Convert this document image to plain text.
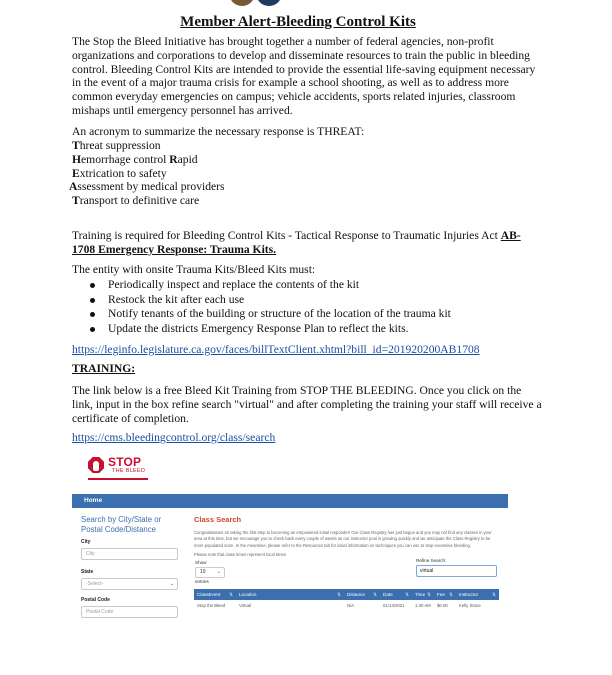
Member Alert-Bleeding Control Kits

The Stop the Bleed Initiative has brought together a number of federal agencies, non-profit organizations and corporations to develop and disseminate resources to train the public in bleeding control. Bleeding Control Kits are intended to provide the essential life-saving equipment necessary in the event of a major trauma crisis for example a school shooting, as well as to address more common everyday emergencies on campus; vehicle accidents, sports related injuries, classroom mishaps until emergency personnel has arrived.

An acronym to summarize the necessary response is THREAT:

Threat suppression
Hemorrhage control Rapid
Extrication to safety
Assessment by medical providers
Transport to definitive care

Training is required for Bleeding Control Kits - Tactical Response to Traumatic Injuries Act AB-1708 Emergency Response: Trauma Kits.

The entity with onsite Trauma Kits/Bleed Kits must:

Periodically inspect and replace the contents of the kit
Restock the kit after each use
Notify tenants of the building or structure of the location of the trauma kit
Update the districts Emergency Response Plan to reflect the kits.
https://leginfo.legislature.ca.gov/faces/billTextClient.xhtml?bill_id=201920200AB1708

TRAINING:

The link below is a free Bleed Kit Training from STOP THE BLEEDING. Once you click on the link, input in the box refine search "virtual" and after completing the training your staff will receive a certificate of completion.

https://cms.bleedingcontrol.org/class/search
STOP
THE BLEED
Home
Search by City/State or Postal Code/Distance
City
City
State
-Select-	⌄
Postal Code
Postal Code
Class Search
Congratulations on taking the first step to becoming an empowered initial responder! Our Class Registry has just begun and you may not find any classes in your area at this time, but we encourage you to check back every couple of weeks as our instructor pool is growing quickly and we anticipate the Class Registry to be more populated soon. In the meantime, please refer to the Resources tab for initial information on techniques you can use to stop excessive bleeding.
Please note that class times represent local times
Show
10 ⌄
entries
Refine Search:
virtual
ClassEvent ⇅	Location ⇅	Distance ⇅	Date ⇅	Time ⇅	Fee ⇅	Instructor ⇅
Stop the Bleed	Virtual	N/A	01/13/2021	1:30 AM	$0.00	Kelly Stone
